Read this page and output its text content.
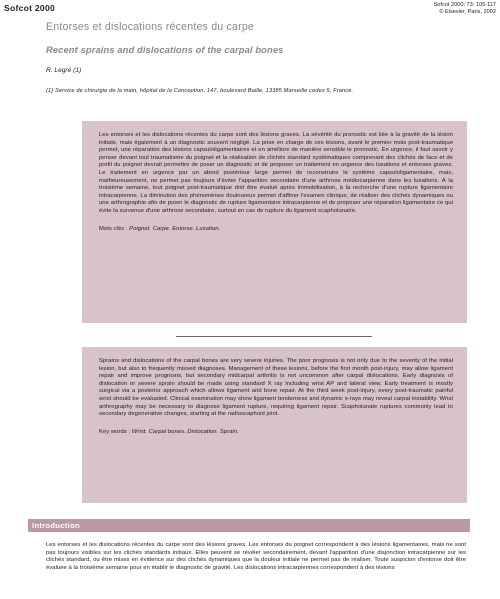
Sofcot 2000	Sofcot 2000; 73: 105-117
© Elsevier, Paris, 2002
Entorses et dislocations récentes du carpe
Recent sprains and dislocations of the carpal bones
R. Legré (1)
(1) Service de chirurgie de la main, hôpital de la Conception, 147, boulevard Baille, 13385 Marseille cedex 5, France.

Les entorses et les dislocations récentes du carpe sont des lésions graves. La sévérité du pronostic est liée à la gravité de la lésion initiale, mais également à un diagnostic souvent négligé. La prise en charge de ces lésions, avant le premier mois post-traumatique permet, une réparation des lésions capsuloligamentaires et en améliore de manière sensible le pronostic. En urgence, il faut savoir y penser devant tout traumatisme du poignet et la réalisation de clichés standard systématiques comprenant des clichés de face et de profil du poignet devrait permettre de poser un diagnostic et de proposer un traitement en urgence des luxations et entorses graves. Le traitement en urgence par un abord postérieur large permet de reconstruire le système capsuloligamentaire, mais, malheureusement, ne permet pas toujours d'éviter l'apparition secondaire d'une arthrose médiocarpienne dans les luxations. À la troisième semaine, tout poignet post-traumatique doit être évalué après immobilisation, à la recherche d'une rupture ligamentaire intracarpienne. La diminution des phénomènes douloureux permet d'affiner l'examen clinique, de réaliser des clichés dynamiques ou une arthrographie afin de poser le diagnostic de rupture ligamentaire intracarpienne et de proposer une réparation ligamentaire ce qui évite la survenue d'une arthrose secondaire, surtout en cas de rupture du ligament scapholunaire.

Mots clés : Poignet. Carpe. Entorse. Luxation.

Sprains and dislocations of the carpal bones are very severe injuries. The poor prognosis is not only due to the severity of the initial lesion, but also to frequently missed diagnoses. Management of these lesions, before the first month post-injury, may allow ligament repair and improve prognosis, but secondary midcarpal arthritis is not uncommon after carpal dislocations. Early diagnosis of dislocation or severe sprain should be made using standard X ray including wrist AP and lateral view. Early treatment is mostly surgical via a posterior approach which allows ligament and bone repair. At the third week post-injury, every post-traumatic painful wrist should be evaluated. Clinical examination may show ligament tenderness and dynamic x-rays may reveal carpal instability. Wrist arthrography may be necessary to diagnose ligament rupture, requiring ligament repair. Scapholunate ruptures commonly lead to secondary degenerative changes, starting at the radioscaphoid joint.

Key words : Wrist. Carpal bones. Dislocation. Sprain.

Introduction

Les entorses et les dislocations récentes du carpe sont des lésions graves. Les entorses du poignet correspondent à des lésions ligamentaires, mais ne sont pas toujours visibles sur les clichés standards initiaux. Elles peuvent se révéler secondairement, devant l'apparition d'une disjonction intracarpienne sur les clichés standard, ou être mises en évidence sur des clichés dynamiques que la douleur initiale ne permet pas de réaliser. Toute suspicion d'entorse doit être évaluée à la troisième semaine pour en établir le diagnostic de gravité. Les dislocations intracarpiennes correspondent à des lésions
